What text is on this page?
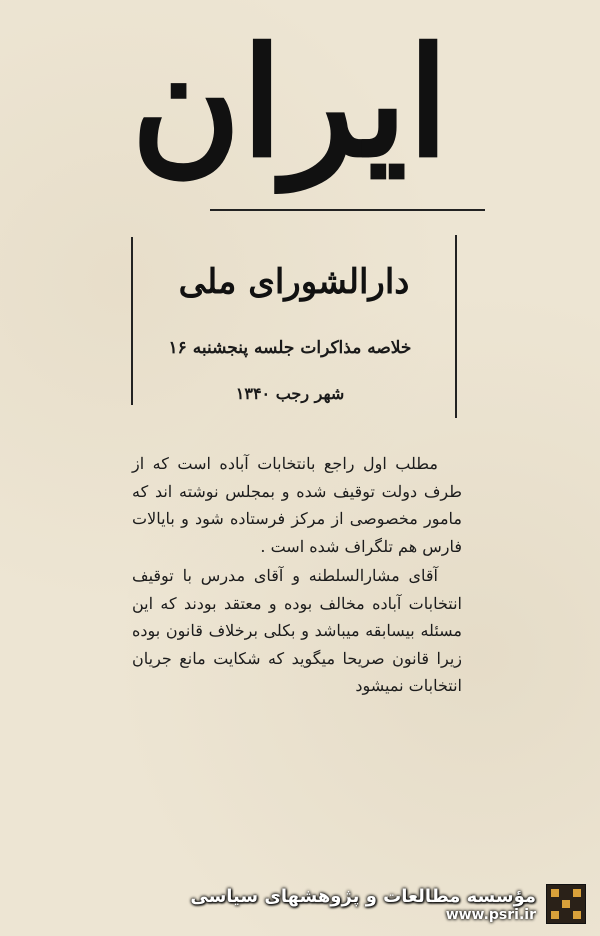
ایران
دارالشورای ملی
خلاصه مذاکرات جلسه پنجشنبه ۱۶
شهر رجب ۱۳۴۰

مطلب اول راجع بانتخابات آباده است که از طرف دولت توقیف شده و بمجلس نوشته اند که مامور مخصوصی از مرکز فرستاده شود و بایالات فارس هم تلگراف شده است .

آقای مشارالسلطنه و آقای مدرس با توقیف انتخابات آباده مخالف بوده و معتقد بودند که این مسئله بیسابقه میباشد و بکلی برخلاف قانون بوده زیرا قانون صریحا میگوید که شکایت مانع جریان انتخابات نمیشود

مؤسسه مطالعات و پژوهشهای سیاسی
www.psri.ir
